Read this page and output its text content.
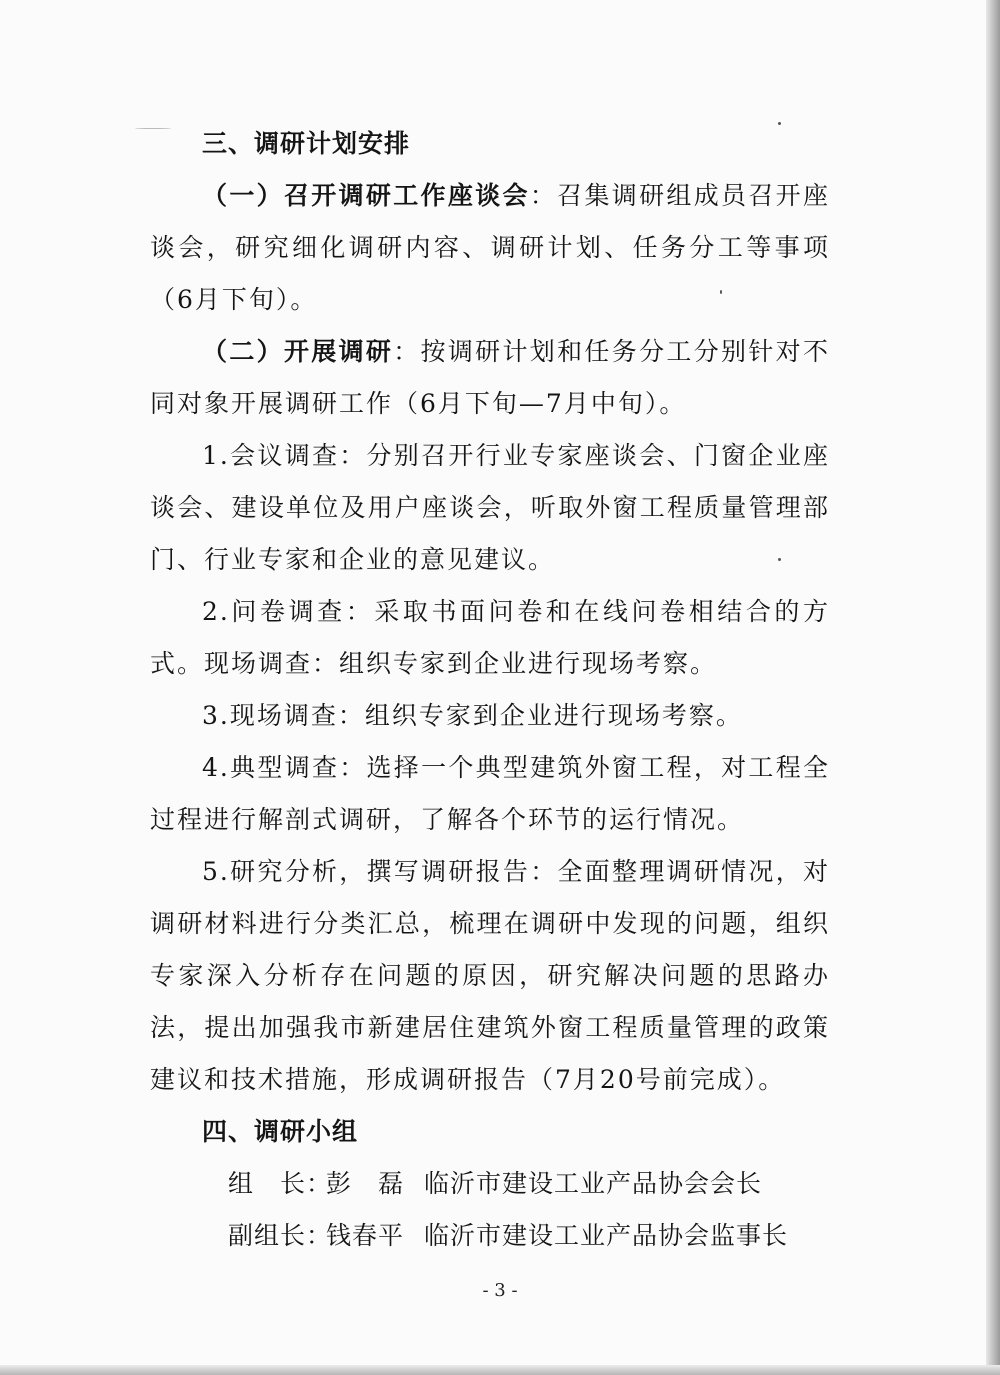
三、调研计划安排

（一）召开调研工作座谈会：召集调研组成员召开座谈会，研究细化调研内容、调研计划、任务分工等事项（6月下旬）。

（二）开展调研：按调研计划和任务分工分别针对不同对象开展调研工作（6月下旬—7月中旬）。

1.会议调查：分别召开行业专家座谈会、门窗企业座谈会、建设单位及用户座谈会，听取外窗工程质量管理部门、行业专家和企业的意见建议。

2.问卷调查：采取书面问卷和在线问卷相结合的方式。现场调查：组织专家到企业进行现场考察。

3.现场调查：组织专家到企业进行现场考察。

4.典型调查：选择一个典型建筑外窗工程，对工程全过程进行解剖式调研，了解各个环节的运行情况。

5.研究分析，撰写调研报告：全面整理调研情况，对调研材料进行分类汇总，梳理在调研中发现的问题，组织专家深入分析存在问题的原因，研究解决问题的思路办法，提出加强我市新建居住建筑外窗工程质量管理的政策建议和技术措施，形成调研报告（7月20号前完成）。

四、调研小组
组　长：彭　磊 临沂市建设工业产品协会会长
副组长：钱春平 临沂市建设工业产品协会监事长
- 3 -
